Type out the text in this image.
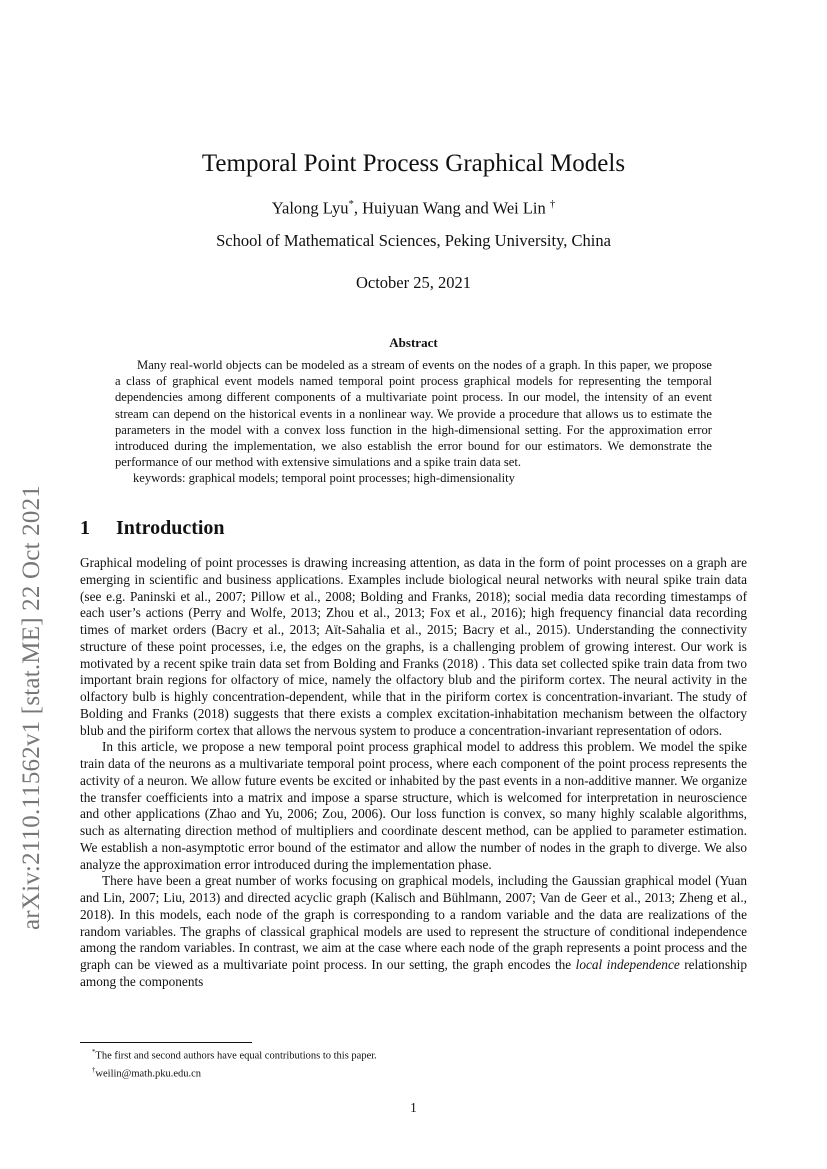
arXiv:2110.11562v1 [stat.ME] 22 Oct 2021
Temporal Point Process Graphical Models
Yalong Lyu*, Huiyuan Wang and Wei Lin †
School of Mathematical Sciences, Peking University, China
October 25, 2021
Abstract

Many real-world objects can be modeled as a stream of events on the nodes of a graph. In this paper, we propose a class of graphical event models named temporal point process graphical models for representing the temporal dependencies among different components of a multivariate point process. In our model, the intensity of an event stream can depend on the historical events in a nonlinear way. We provide a procedure that allows us to estimate the parameters in the model with a convex loss function in the high-dimensional setting. For the approximation error introduced during the implementation, we also establish the error bound for our estimators. We demonstrate the performance of our method with extensive simulations and a spike train data set.

keywords: graphical models; temporal point processes; high-dimensionality

1 Introduction

Graphical modeling of point processes is drawing increasing attention, as data in the form of point processes on a graph are emerging in scientific and business applications. Examples include biological neural networks with neural spike train data (see e.g. Paninski et al., 2007; Pillow et al., 2008; Bolding and Franks, 2018); social media data recording timestamps of each user’s actions (Perry and Wolfe, 2013; Zhou et al., 2013; Fox et al., 2016); high frequency financial data recording times of market orders (Bacry et al., 2013; Aït-Sahalia et al., 2015; Bacry et al., 2015). Understanding the connectivity structure of these point processes, i.e, the edges on the graphs, is a challenging problem of growing interest. Our work is motivated by a recent spike train data set from Bolding and Franks (2018) . This data set collected spike train data from two important brain regions for olfactory of mice, namely the olfactory blub and the piriform cortex. The neural activity in the olfactory bulb is highly concentration-dependent, while that in the piriform cortex is concentration-invariant. The study of Bolding and Franks (2018) suggests that there exists a complex excitation-inhabitation mechanism between the olfactory blub and the piriform cortex that allows the nervous system to produce a concentration-invariant representation of odors.

In this article, we propose a new temporal point process graphical model to address this problem. We model the spike train data of the neurons as a multivariate temporal point process, where each component of the point process represents the activity of a neuron. We allow future events be excited or inhabited by the past events in a non-additive manner. We organize the transfer coefficients into a matrix and impose a sparse structure, which is welcomed for interpretation in neuroscience and other applications (Zhao and Yu, 2006; Zou, 2006). Our loss function is convex, so many highly scalable algorithms, such as alternating direction method of multipliers and coordinate descent method, can be applied to parameter estimation. We establish a non-asymptotic error bound of the estimator and allow the number of nodes in the graph to diverge. We also analyze the approximation error introduced during the implementation phase.

There have been a great number of works focusing on graphical models, including the Gaussian graphical model (Yuan and Lin, 2007; Liu, 2013) and directed acyclic graph (Kalisch and Bühlmann, 2007; Van de Geer et al., 2013; Zheng et al., 2018). In this models, each node of the graph is corresponding to a random variable and the data are realizations of the random variables. The graphs of classical graphical models are used to represent the structure of conditional independence among the random variables. In contrast, we aim at the case where each node of the graph represents a point process and the graph can be viewed as a multivariate point process. In our setting, the graph encodes the local independence relationship among the components

*The first and second authors have equal contributions to this paper.
†weilin@math.pku.edu.cn
1
